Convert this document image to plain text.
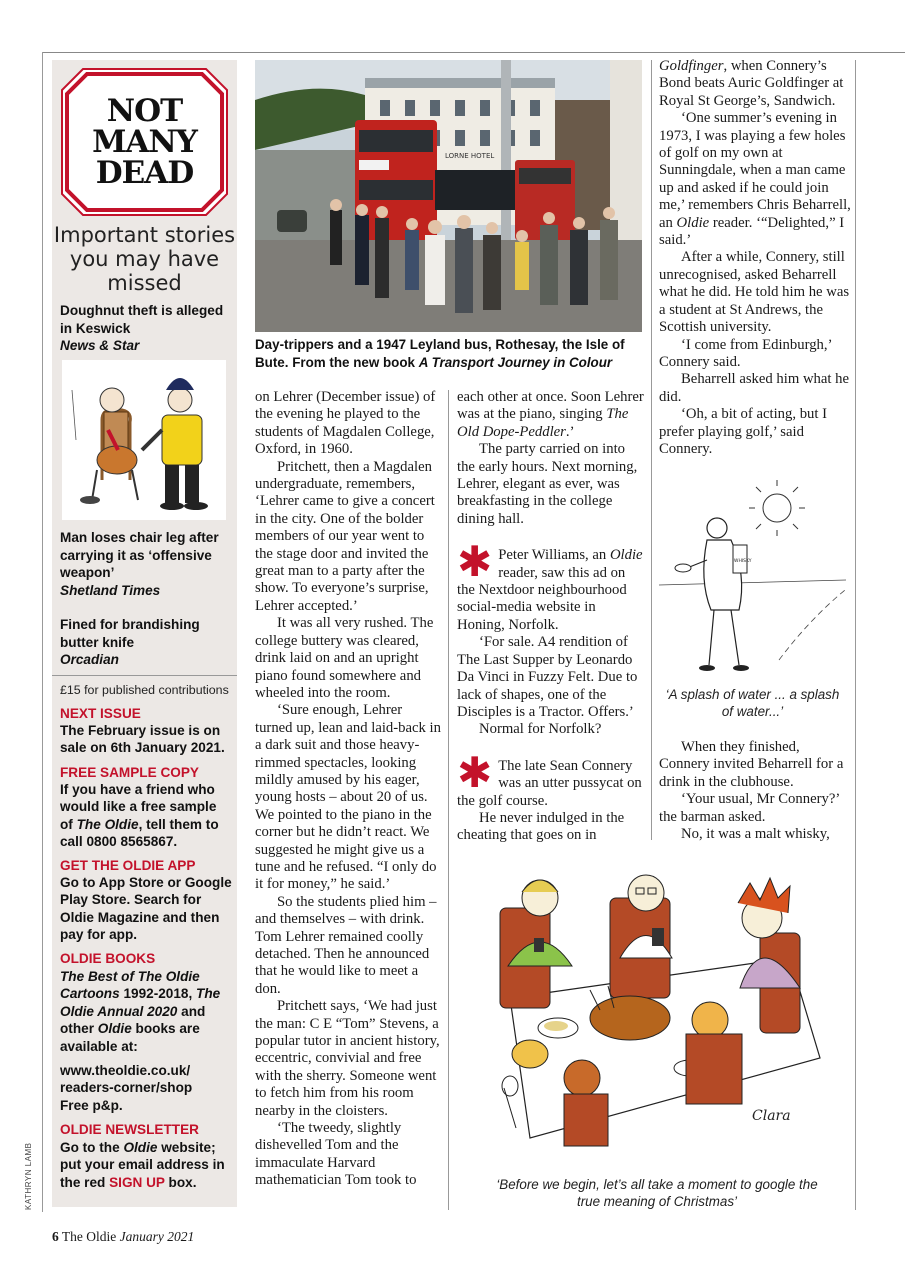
NOT
MANY
DEAD
Important stories you may have missed
Doughnut theft is alleged in Keswick
News & Star
Man loses chair leg after carrying it as ‘offensive weapon’
Shetland Times
Fined for brandishing butter knife
Orcadian
£15 for published contributions
NEXT ISSUE
The February issue is on sale on 6th January 2021.
FREE SAMPLE COPY
If you have a friend who would like a free sample of The Oldie, tell them to call 0800 8565867.
GET THE OLDIE APP
Go to App Store or Google Play Store. Search for Oldie Magazine and then pay for app.
OLDIE BOOKS
The Best of The Oldie Cartoons 1992-2018, The Oldie Annual 2020 and other Oldie books are available at:
www.theoldie.co.uk/ readers-corner/shop
Free p&p.
OLDIE NEWSLETTER
Go to the Oldie website; put your email address in the red SIGN UP box.
LORNE HOTEL
Day-trippers and a 1947 Leyland bus, Rothesay, the Isle of Bute. From the new book A Transport Journey in Colour

on Lehrer (December issue) of the evening he played to the students of Magdalen College, Oxford, in 1960.

Pritchett, then a Magdalen undergraduate, remembers, ‘Lehrer came to give a concert in the city. One of the bolder members of our year went to the stage door and invited the great man to a party after the show. To everyone’s surprise, Lehrer accepted.’

It was all very rushed. The college buttery was cleared, drink laid on and an upright piano found somewhere and wheeled into the room.

‘Sure enough, Lehrer turned up, lean and laid-back in a dark suit and those heavy-rimmed spectacles, looking mildly amused by his eager, young hosts – about 20 of us. We pointed to the piano in the corner but he didn’t react. We suggested he might give us a tune and he refused. “I only do it for money,” he said.’

So the students plied him – and themselves – with drink. Tom Lehrer remained coolly detached. Then he announced that he would like to meet a don.

Pritchett says, ‘We had just the man: C E “Tom” Stevens, a popular tutor in ancient history, eccentric, convivial and free with the sherry. Someone went to fetch him from his room nearby in the cloisters.

‘The tweedy, slightly dishevelled Tom and the immaculate Harvard mathematician Tom took to

each other at once. Soon Lehrer was at the piano, singing The Old Dope-Peddler.’

The party carried on into the early hours. Next morning, Lehrer, elegant as ever, was breakfasting in the college dining hall.

✱ Peter Williams, an Oldie reader, saw this ad on the Nextdoor neighbourhood social-media website in Honing, Norfolk.

‘For sale. A4 rendition of The Last Supper by Leonardo Da Vinci in Fuzzy Felt. Due to lack of shapes, one of the Disciples is a Tractor. Offers.’

Normal for Norfolk?

✱ The late Sean Connery was an utter pussycat on the golf course.

He never indulged in the cheating that goes on in

Goldfinger, when Connery’s Bond beats Auric Goldfinger at Royal St George’s, Sandwich.

‘One summer’s evening in 1973, I was playing a few holes of golf on my own at Sunningdale, when a man came up and asked if he could join me,’ remembers Chris Beharrell, an Oldie reader. ‘“Delighted,” I said.’

After a while, Connery, still unrecognised, asked Beharrell what he did. He told him he was a student at St Andrews, the Scottish university.

‘I come from Edinburgh,’ Connery said.

Beharrell asked him what he did.

‘Oh, a bit of acting, but I prefer playing golf,’ said Connery.

WHISKY
‘A splash of water ... a splash of water...’

When they finished, Connery invited Beharrell for a drink in the clubhouse.

‘Your usual, Mr Connery?’ the barman asked.

No, it was a malt whisky,

Clara
‘Before we begin, let’s all take a moment to google the true meaning of Christmas’
6 The Oldie January 2021
KATHRYN LAMB
